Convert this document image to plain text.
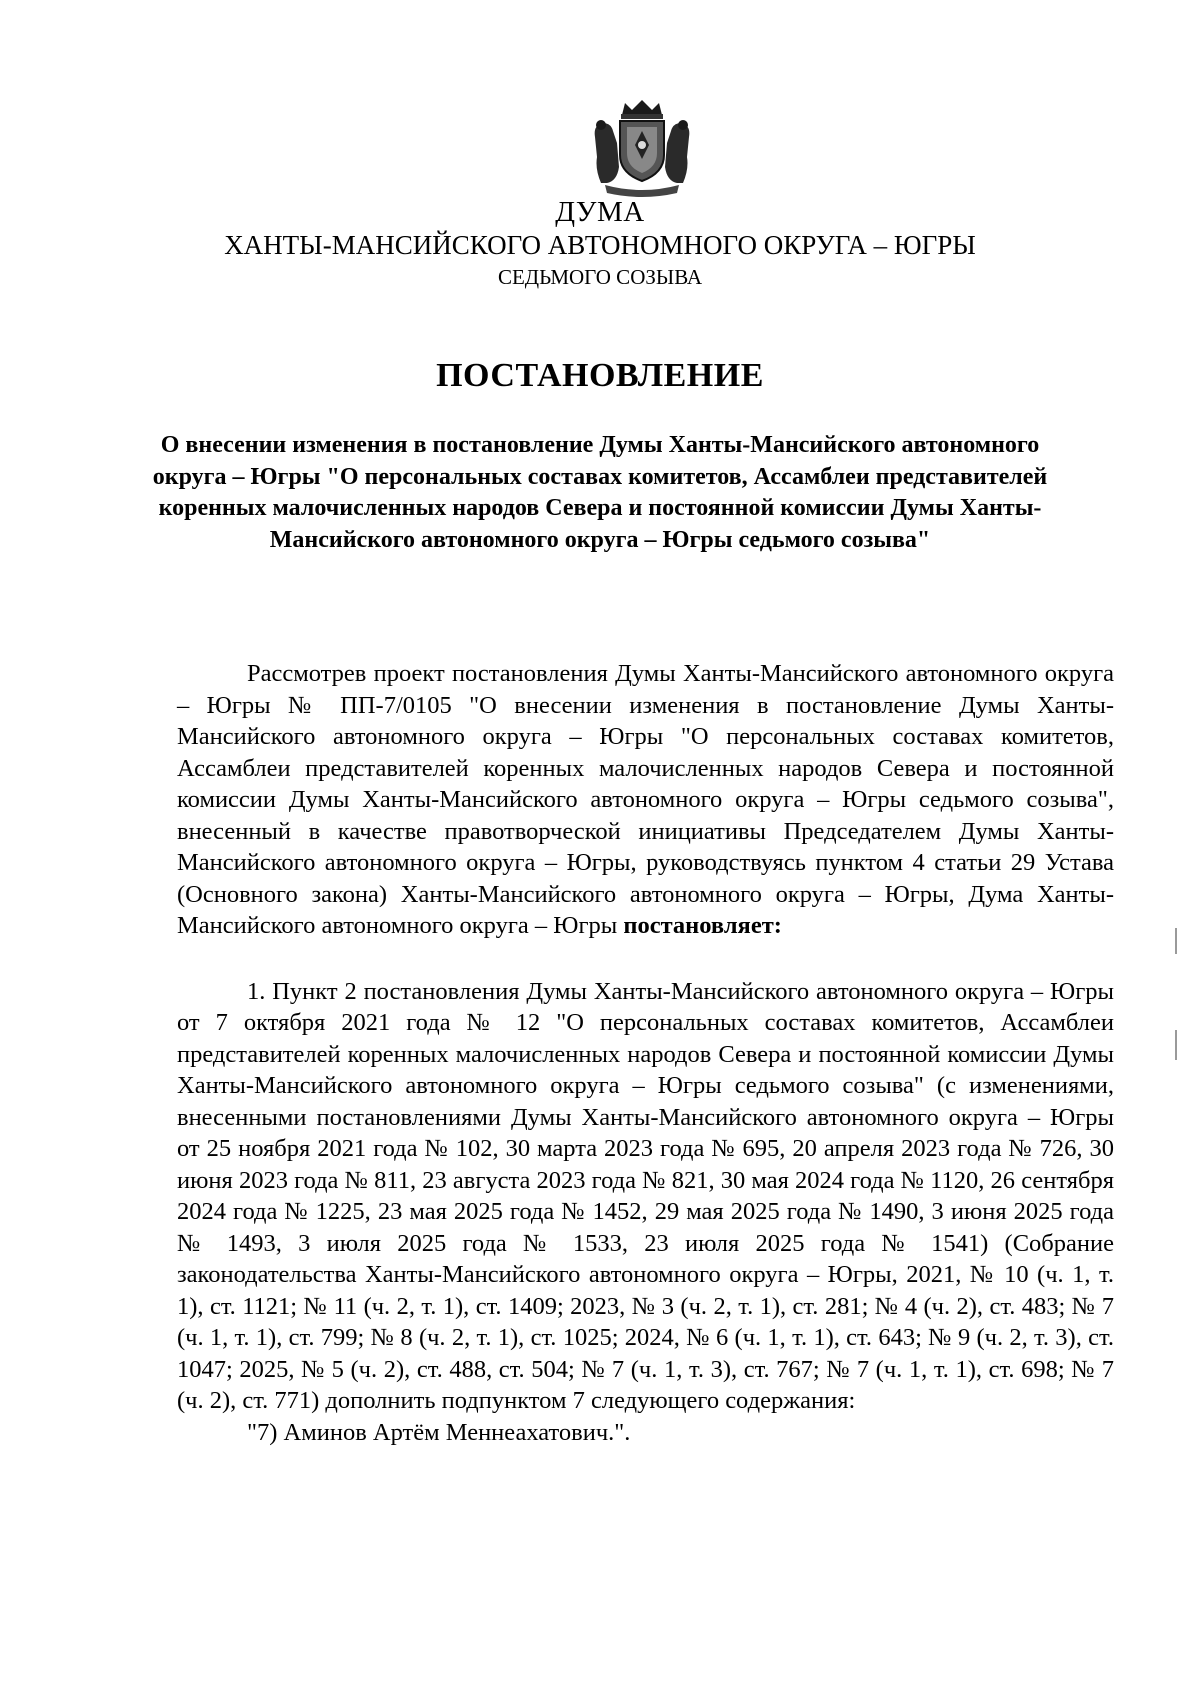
ДУМА
ХАНТЫ-МАНСИЙСКОГО АВТОНОМНОГО ОКРУГА – ЮГРЫ
СЕДЬМОГО СОЗЫВА
ПОСТАНОВЛЕНИЕ
О внесении изменения в постановление Думы Ханты-Мансийского автономного округа – Югры "О персональных составах комитетов, Ассамблеи представителей коренных малочисленных народов Севера и постоянной комиссии Думы Ханты-Мансийского автономного округа – Югры седьмого созыва"

Рассмотрев проект постановления Думы Ханты-Мансийского автономного округа – Югры № ПП-7/0105 "О внесении изменения в постановление Думы Ханты-Мансийского автономного округа – Югры "О персональных составах комитетов, Ассамблеи представителей коренных малочисленных народов Севера и постоянной комиссии Думы Ханты-Мансийского автономного округа – Югры седьмого созыва", внесенный в качестве правотворческой инициативы Председателем Думы Ханты-Мансийского автономного округа – Югры, руководствуясь пунктом 4 статьи 29 Устава (Основного закона) Ханты-Мансийского автономного округа – Югры, Дума Ханты-Мансийского автономного округа – Югры постановляет:

1. Пункт 2 постановления Думы Ханты-Мансийского автономного округа – Югры от 7 октября 2021 года № 12 "О персональных составах комитетов, Ассамблеи представителей коренных малочисленных народов Севера и постоянной комиссии Думы Ханты-Мансийского автономного округа – Югры седьмого созыва" (с изменениями, внесенными постановлениями Думы Ханты-Мансийского автономного округа – Югры от 25 ноября 2021 года № 102, 30 марта 2023 года № 695, 20 апреля 2023 года № 726, 30 июня 2023 года № 811, 23 августа 2023 года № 821, 30 мая 2024 года № 1120, 26 сентября 2024 года № 1225, 23 мая 2025 года № 1452, 29 мая 2025 года № 1490, 3 июня 2025 года № 1493, 3 июля 2025 года № 1533, 23 июля 2025 года № 1541) (Собрание законодательства Ханты-Мансийского автономного округа – Югры, 2021, № 10 (ч. 1, т. 1), ст. 1121; № 11 (ч. 2, т. 1), ст. 1409; 2023, № 3 (ч. 2, т. 1), ст. 281; № 4 (ч. 2), ст. 483; № 7 (ч. 1, т. 1), ст. 799; № 8 (ч. 2, т. 1), ст. 1025; 2024, № 6 (ч. 1, т. 1), ст. 643; № 9 (ч. 2, т. 3), ст. 1047; 2025, № 5 (ч. 2), ст. 488, ст. 504; № 7 (ч. 1, т. 3), ст. 767; № 7 (ч. 1, т. 1), ст. 698; № 7 (ч. 2), ст. 771) дополнить подпунктом 7 следующего содержания:

"7) Аминов Артём Меннеахатович.".
